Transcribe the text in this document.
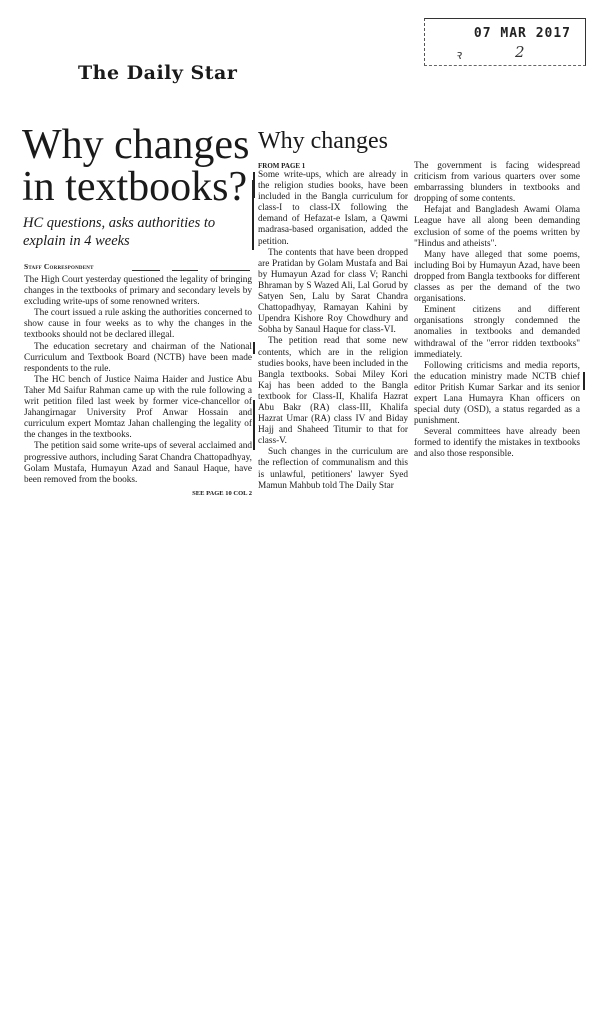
07 MAR 2017
ꝛ	2
The Daily Star
Why changes in textbooks?
HC questions, asks authorities to explain in 4 weeks
Staff Correspondent

The High Court yesterday questioned the legality of bringing changes in the textbooks of primary and secondary levels by excluding write-ups of some renowned writers.

The court issued a rule asking the authorities concerned to show cause in four weeks as to why the changes in the textbooks should not be declared illegal.

The education secretary and chairman of the National Curriculum and Textbook Board (NCTB) have been made respondents to the rule.

The HC bench of Justice Naima Haider and Justice Abu Taher Md Saifur Rahman came up with the rule following a writ petition filed last week by former vice-chancellor of Jahangirnagar University Prof Anwar Hossain and curriculum expert Momtaz Jahan challenging the legality of the changes in the textbooks.

The petition said some write-ups of several acclaimed and progressive authors, including Sarat Chandra Chattopadhyay, Golam Mustafa, Humayun Azad and Sanaul Haque, have been removed from the books.

SEE PAGE 10 COL 2
Why changes
FROM PAGE 1

Some write-ups, which are already in the religion studies books, have been included in the Bangla curriculum for class-I to class-IX following the demand of Hefazat-e Islam, a Qawmi madrasa-based organisation, added the petition.

The contents that have been dropped are Pratidan by Golam Mustafa and Bai by Humayun Azad for class V; Ranchi Bhraman by S Wazed Ali, Lal Gorud by Satyen Sen, Lalu by Sarat Chandra Chattopadhyay, Ramayan Kahini by Upendra Kishore Roy Chowdhury and Sobha by Sanaul Haque for class-VI.

The petition read that some new contents, which are in the religion studies books, have been included in the Bangla textbooks. Sobai Miley Kori Kaj has been added to the Bangla textbook for Class-II, Khalifa Hazrat Abu Bakr (RA) class-III, Khalifa Hazrat Umar (RA) class IV and Biday Hajj and Shaheed Titumir to that for class-V.

Such changes in the curriculum are the reflection of communalism and this is unlawful, petitioners' lawyer Syed Mamun Mahbub told The Daily Star

The government is facing widespread criticism from various quarters over some embarrassing blunders in textbooks and dropping of some contents.

Hefajat and Bangladesh Awami Olama League have all along been demanding exclusion of some of the poems written by "Hindus and atheists".

Many have alleged that some poems, including Boi by Humayun Azad, have been dropped from Bangla textbooks for different classes as per the demand of the two organisations.

Eminent citizens and different organisations strongly condemned the anomalies in textbooks and demanded withdrawal of the "error ridden textbooks" immediately.

Following criticisms and media reports, the education ministry made NCTB chief editor Pritish Kumar Sarkar and its senior expert Lana Humayra Khan officers on special duty (OSD), a status regarded as a punishment.

Several committees have already been formed to identify the mistakes in textbooks and also those responsible.
